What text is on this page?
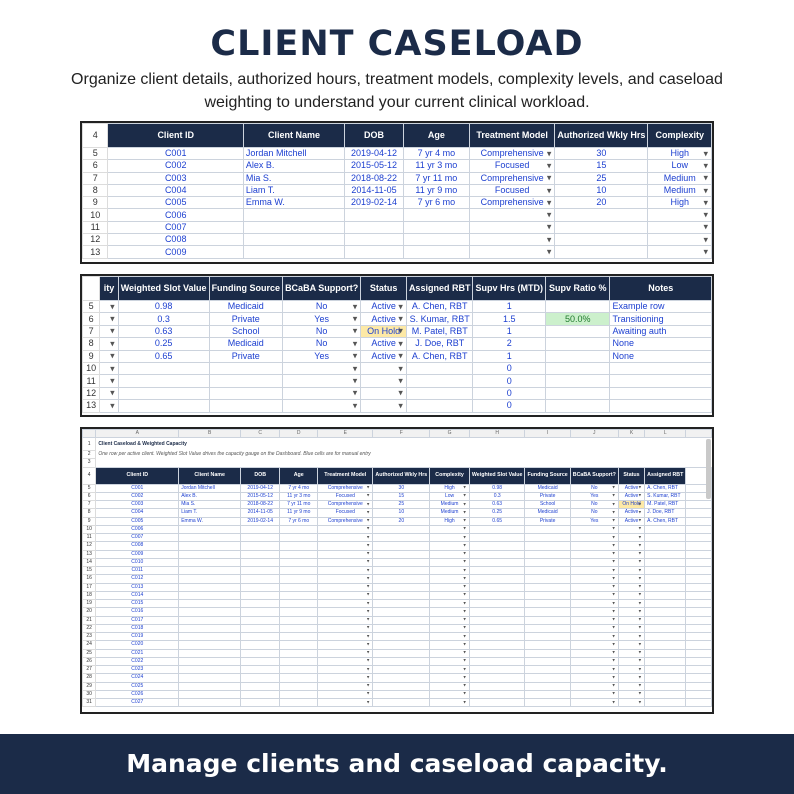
CLIENT CASELOAD
Organize client details, authorized hours, treatment models, complexity levels, and caseload weighting to understand your current clinical workload.
4	Client ID	Client Name	DOB	Age	Treatment Model	Authorized Wkly Hrs	Complexity
5	C001	Jordan Mitchell	2019-04-12	7 yr 4 mo	Comprehensive ▾	30	High ▾
6	C002	Alex B.	2015-05-12	11 yr 3 mo	Focused ▾	15	Low ▾
7	C003	Mia S.	2018-08-22	7 yr 11 mo	Comprehensive ▾	25	Medium ▾
8	C004	Liam T.	2014-11-05	11 yr 9 mo	Focused ▾	10	Medium ▾
9	C005	Emma W.	2019-02-14	7 yr 6 mo	Comprehensive ▾	20	High ▾
10	C006				▾		▾
11	C007				▾		▾
12	C008				▾		▾
13	C009				▾		▾
	ity	Weighted Slot Value	Funding Source	BCaBA Support?	Status	Assigned RBT	Supv Hrs (MTD)	Supv Ratio %	Notes
5	▾	0.98	Medicaid	No ▾	Active ▾	A. Chen, RBT	1		Example row
6	▾	0.3	Private	Yes ▾	Active ▾	S. Kumar, RBT	1.5	50.0%	Transitioning
7	▾	0.63	School	No ▾	On Hold ▾	M. Patel, RBT	1		Awaiting auth
8	▾	0.25	Medicaid	No ▾	Active ▾	J. Doe, RBT	2		None
9	▾	0.65	Private	Yes ▾	Active ▾	A. Chen, RBT	1		None
10	▾			▾	▾		0		
11	▾			▾	▾		0		
12	▾			▾	▾		0		
13	▾			▾	▾		0		
	A	B	C	D	E	F	G	H	I	J	K	L	
1	Client Caseload & Weighted Capacity												
2	One row per active client. Weighted Slot Value drives the capacity gauge on the Dashboard. Blue cells are for manual entry												
3													
4	Client ID	Client Name	DOB	Age	Treatment Model	Authorized Wkly Hrs	Complexity	Weighted Slot Value	Funding Source	BCaBA Support?	Status	Assigned RBT	
5	C001	Jordan Mitchell	2019-04-12	7 yr 4 mo	Comprehensive ▾	30	High ▾	0.98	Medicaid	No ▾	Active ▾	A. Chen, RBT	
6	C002	Alex B.	2015-05-12	11 yr 3 mo	Focused ▾	15	Low ▾	0.3	Private	Yes ▾	Active ▾	S. Kumar, RBT	
7	C003	Mia S.	2018-08-22	7 yr 11 mo	Comprehensive ▾	25	Medium ▾	0.63	School	No ▾	On Hold ▾	M. Patel, RBT	
8	C004	Liam T.	2014-11-05	11 yr 9 mo	Focused ▾	10	Medium ▾	0.25	Medicaid	No ▾	Active ▾	J. Doe, RBT	
9	C005	Emma W.	2019-02-14	7 yr 6 mo	Comprehensive ▾	20	High ▾	0.65	Private	Yes ▾	Active ▾	A. Chen, RBT	
10	C006				▾		▾			▾	▾		
11	C007				▾		▾			▾	▾		
12	C008				▾		▾			▾	▾		
13	C009				▾		▾			▾	▾		
14	C010				▾		▾			▾	▾		
15	C011				▾		▾			▾	▾		
16	C012				▾		▾			▾	▾		
17	C013				▾		▾			▾	▾		
18	C014				▾		▾			▾	▾		
19	C015				▾		▾			▾	▾		
20	C016				▾		▾			▾	▾		
21	C017				▾		▾			▾	▾		
22	C018				▾		▾			▾	▾		
23	C019				▾		▾			▾	▾		
24	C020				▾		▾			▾	▾		
25	C021				▾		▾			▾	▾		
26	C022				▾		▾			▾	▾		
27	C023				▾		▾			▾	▾		
28	C024				▾		▾			▾	▾		
29	C025				▾		▾			▾	▾		
30	C026				▾		▾			▾	▾		
31	C027				▾		▾			▾	▾		
Manage clients and caseload capacity.
